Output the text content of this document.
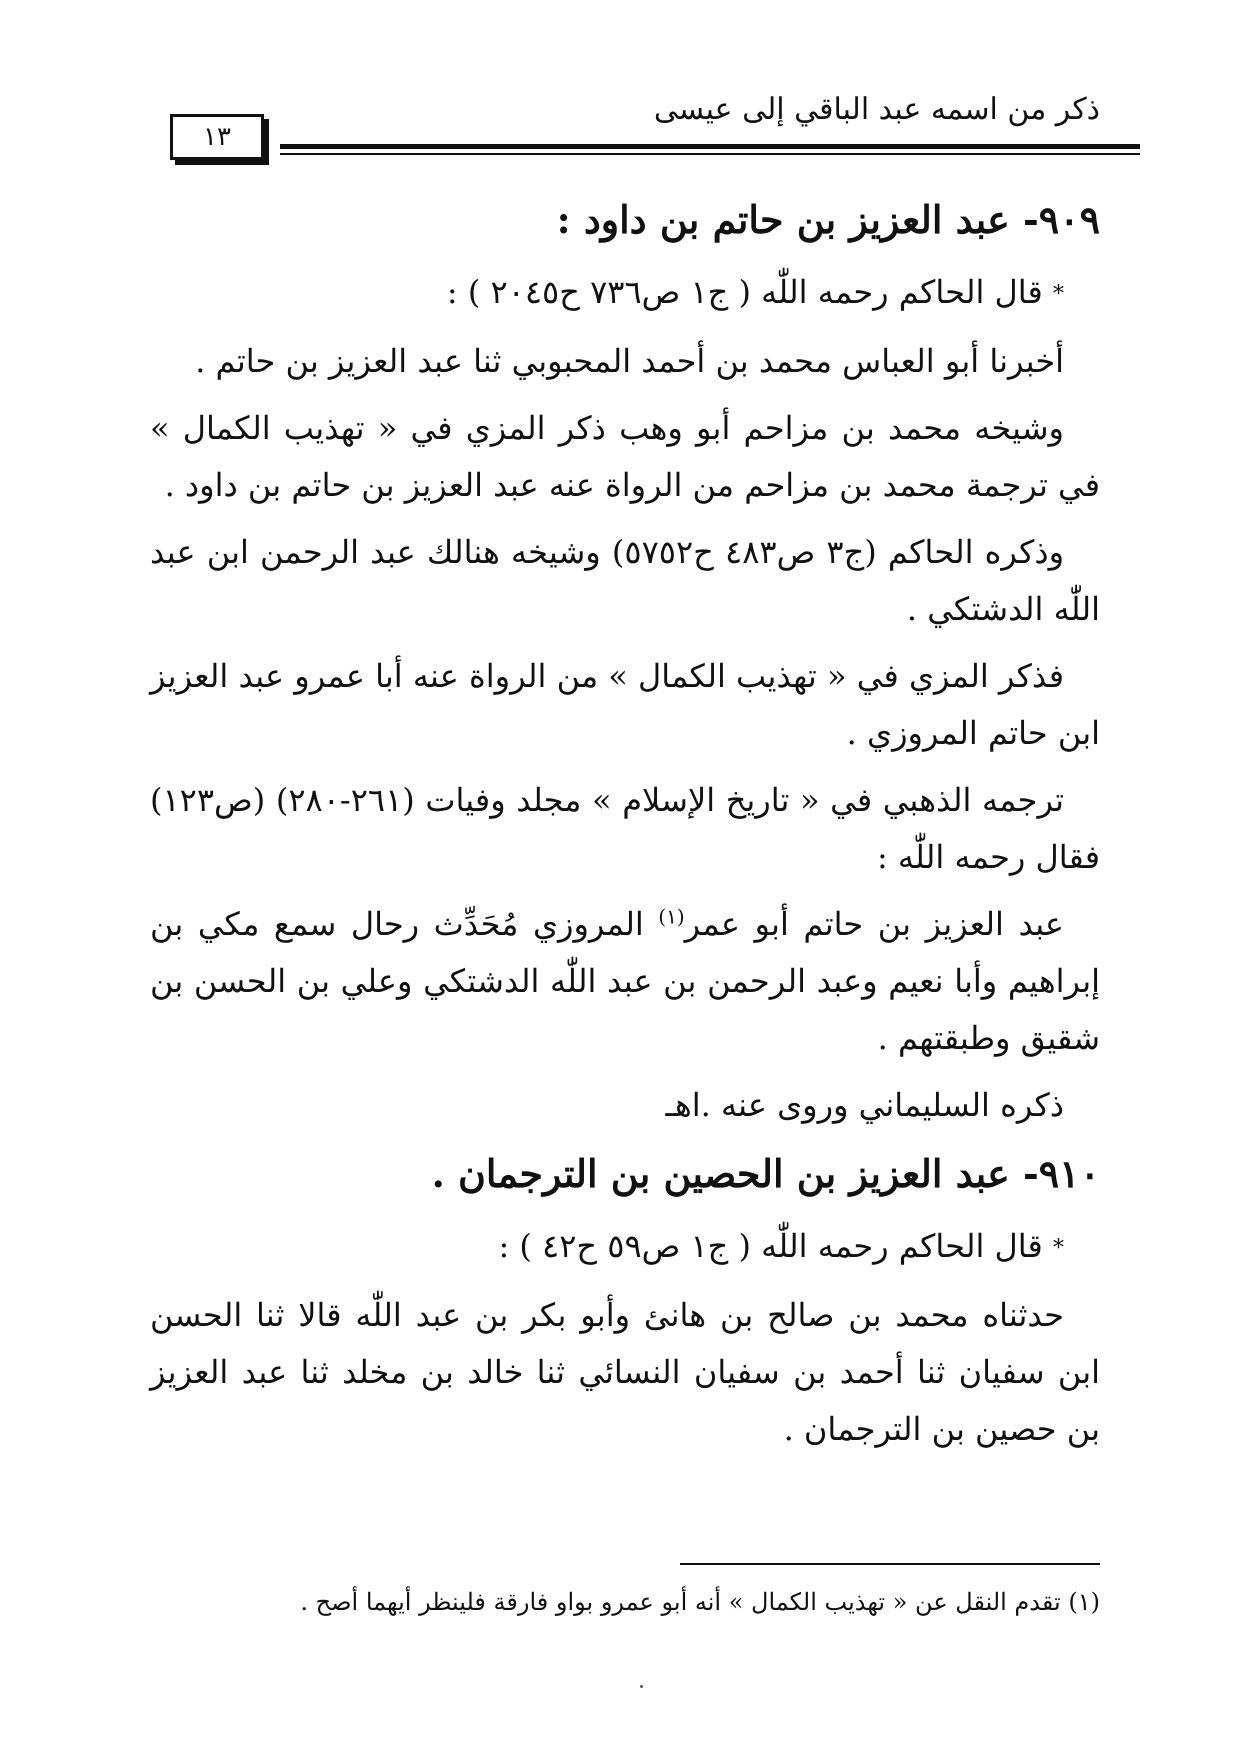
ذكر من اسمه عبد الباقي إلى عيسى
١٣
٩٠٩- عبد العزيز بن حاتم بن داود :

* قال الحاكم رحمه اللّٰه ( ج١ ص٧٣٦ ح٢٠٤٥ ) :

أخبرنا أبو العباس محمد بن أحمد المحبوبي ثنا عبد العزيز بن حاتم .

وشيخه محمد بن مزاحم أبو وهب ذكر المزي في « تهذيب الكمال » في ترجمة محمد بن مزاحم من الرواة عنه عبد العزيز بن حاتم بن داود .

وذكره الحاكم (ج٣ ص٤٨٣ ح٥٧٥٢) وشيخه هنالك عبد الرحمن ابن عبد اللّٰه الدشتكي .

فذكر المزي في « تهذيب الكمال » من الرواة عنه أبا عمرو عبد العزيز ابن حاتم المروزي .

ترجمه الذهبي في « تاريخ الإسلام » مجلد وفيات (٢٦١-٢٨٠) (ص١٢٣) فقال رحمه اللّٰه :

عبد العزيز بن حاتم أبو عمر$^{(١)}$ المروزي مُحَدِّث رحال سمع مكي بن إبراهيم وأبا نعيم وعبد الرحمن بن عبد اللّٰه الدشتكي وعلي بن الحسن بن شقيق وطبقتهم .

ذكره السليماني وروى عنه .اهـ

٩١٠- عبد العزيز بن الحصين بن الترجمان .

* قال الحاكم رحمه اللّٰه ( ج١ ص٥٩ ح٤٢ ) :

حدثناه محمد بن صالح بن هانئ وأبو بكر بن عبد اللّٰه قالا ثنا الحسن ابن سفيان ثنا أحمد بن سفيان النسائي ثنا خالد بن مخلد ثنا عبد العزيز بن حصين بن الترجمان .

(١) تقدم النقل عن « تهذيب الكمال » أنه أبو عمرو بواو فارقة فلينظر أيهما أصح .
